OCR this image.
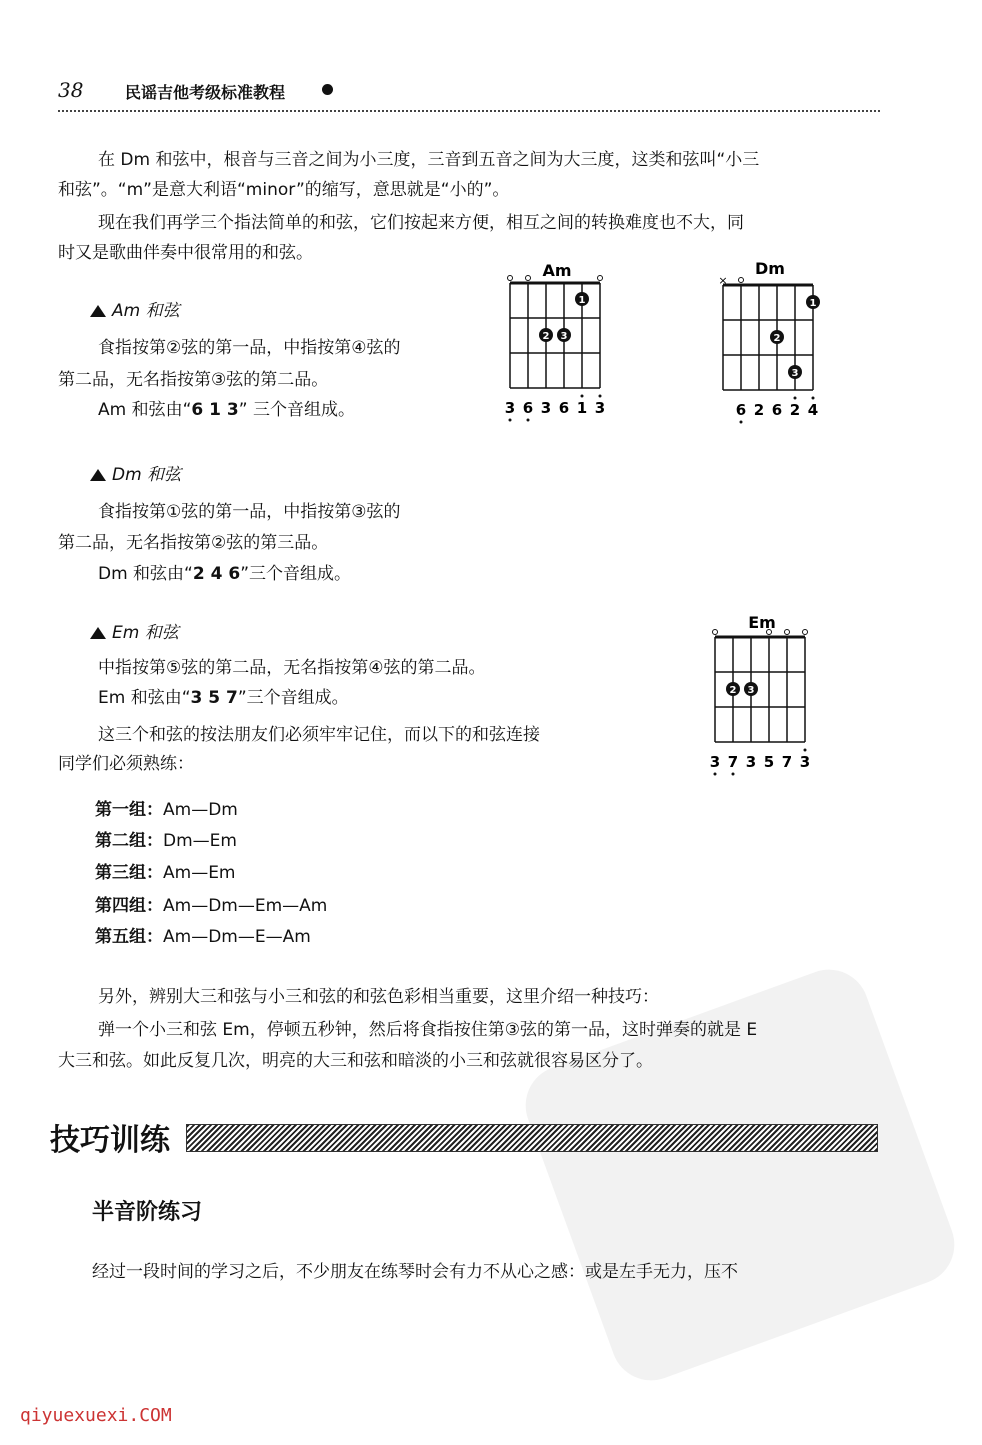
38	民谣吉他考级标准教程
在 Dm 和弦中，根音与三音之间为小三度，三音到五音之间为大三度，这类和弦叫“小三
和弦”。“m”是意大利语“minor”的缩写，意思就是“小的”。
现在我们再学三个指法简单的和弦，它们按起来方便，相互之间的转换难度也不大，同
时又是歌曲伴奏中很常用的和弦。
Am 和弦
食指按第②弦的第一品，中指按第④弦的
第二品，无名指按第③弦的第二品。
Am 和弦由“6 1 3” 三个音组成。
Dm 和弦
食指按第①弦的第一品，中指按第③弦的
第二品，无名指按第②弦的第三品。
Dm 和弦由“2 4 6”三个音组成。
Em 和弦
中指按第⑤弦的第二品，无名指按第④弦的第二品。
Em 和弦由“3 5 7”三个音组成。
这三个和弦的按法朋友们必须牢牢记住，而以下的和弦连接
同学们必须熟练：
第一组：Am—Dm
第二组：Dm—Em
第三组：Am—Em
第四组：Am—Dm—Em—Am
第五组：Am—Dm—E—Am
另外，辨别大三和弦与小三和弦的和弦色彩相当重要，这里介绍一种技巧：
弹一个小三和弦 Em，停顿五秒钟，然后将食指按住第③弦的第一品，这时弹奏的就是 E
大三和弦。如此反复几次，明亮的大三和弦和暗淡的小三和弦就很容易区分了。
技巧训练
半音阶练习
经过一段时间的学习之后，不少朋友在练琴时会有力不从心之感：或是左手无力，压不
qiyuexuexi.COM
Am
1
2 3
3 6 3 6 1 3
Dm
×
1
2
3
6 2 6 2 4
Em
2 3
3 7 3 5 7 3
